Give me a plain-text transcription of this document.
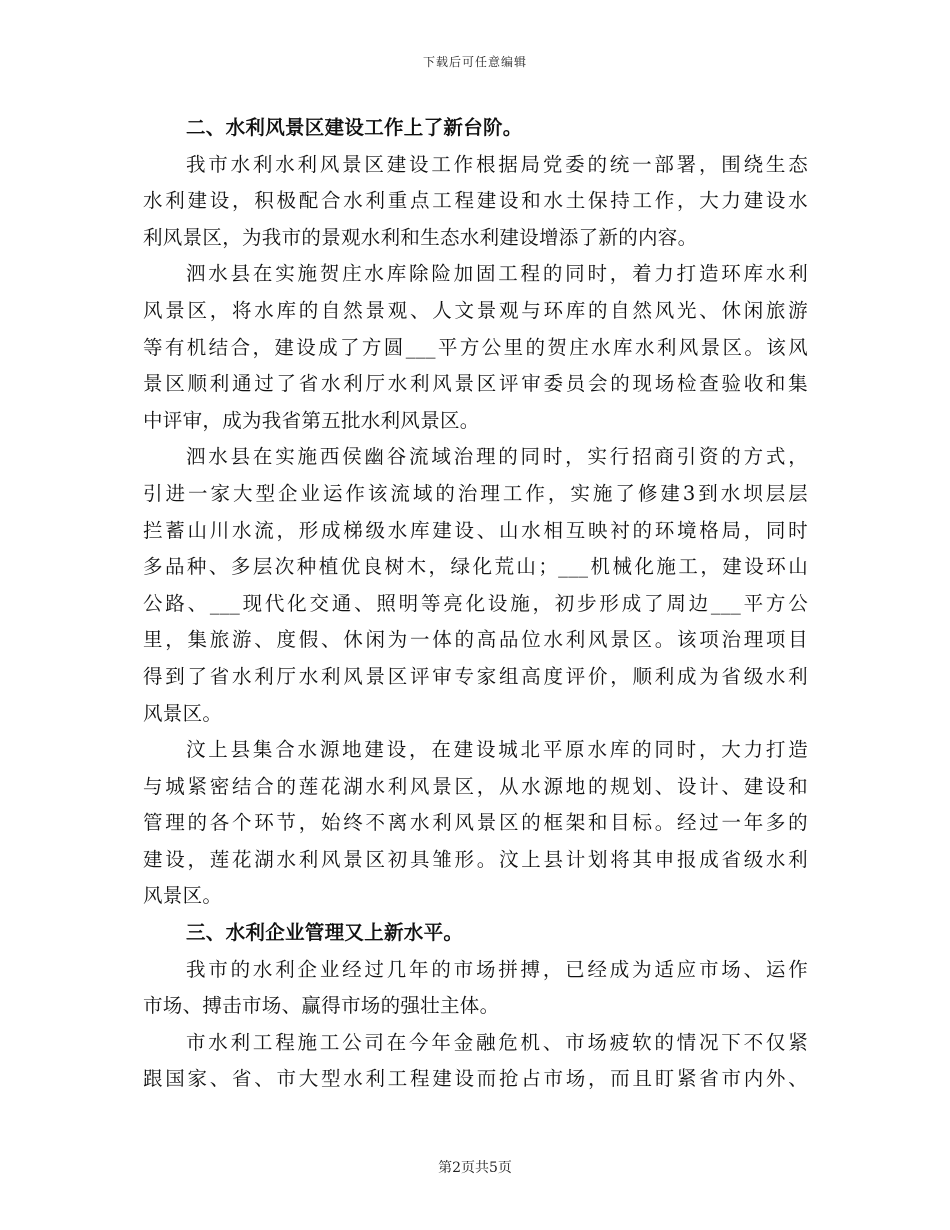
下载后可任意编辑
二、水利风景区建设工作上了新台阶。
我市水利水利风景区建设工作根据局党委的统一部署，围绕生态
水利建设，积极配合水利重点工程建设和水土保持工作，大力建设水
利风景区，为我市的景观水利和生态水利建设增添了新的内容。
泗水县在实施贺庄水库除险加固工程的同时，着力打造环库水利
风景区，将水库的自然景观、人文景观与环库的自然风光、休闲旅游
等有机结合，建设成了方圆___平方公里的贺庄水库水利风景区。该风
景区顺利通过了省水利厅水利风景区评审委员会的现场检查验收和集
中评审，成为我省第五批水利风景区。
泗水县在实施西侯幽谷流域治理的同时，实行招商引资的方式，
引进一家大型企业运作该流域的治理工作，实施了修建3到水坝层层
拦蓄山川水流，形成梯级水库建设、山水相互映衬的环境格局，同时
多品种、多层次种植优良树木，绿化荒山；___机械化施工，建设环山
公路、___现代化交通、照明等亮化设施，初步形成了周边___平方公
里，集旅游、度假、休闲为一体的高品位水利风景区。该项治理项目
得到了省水利厅水利风景区评审专家组高度评价，顺利成为省级水利
风景区。
汶上县集合水源地建设，在建设城北平原水库的同时，大力打造
与城紧密结合的莲花湖水利风景区，从水源地的规划、设计、建设和
管理的各个环节，始终不离水利风景区的框架和目标。经过一年多的
建设，莲花湖水利风景区初具雏形。汶上县计划将其申报成省级水利
风景区。
三、水利企业管理又上新水平。
我市的水利企业经过几年的市场拼搏，已经成为适应市场、运作
市场、搏击市场、赢得市场的强壮主体。
市水利工程施工公司在今年金融危机、市场疲软的情况下不仅紧
跟国家、省、市大型水利工程建设而抢占市场，而且盯紧省市内外、
第2页共5页
